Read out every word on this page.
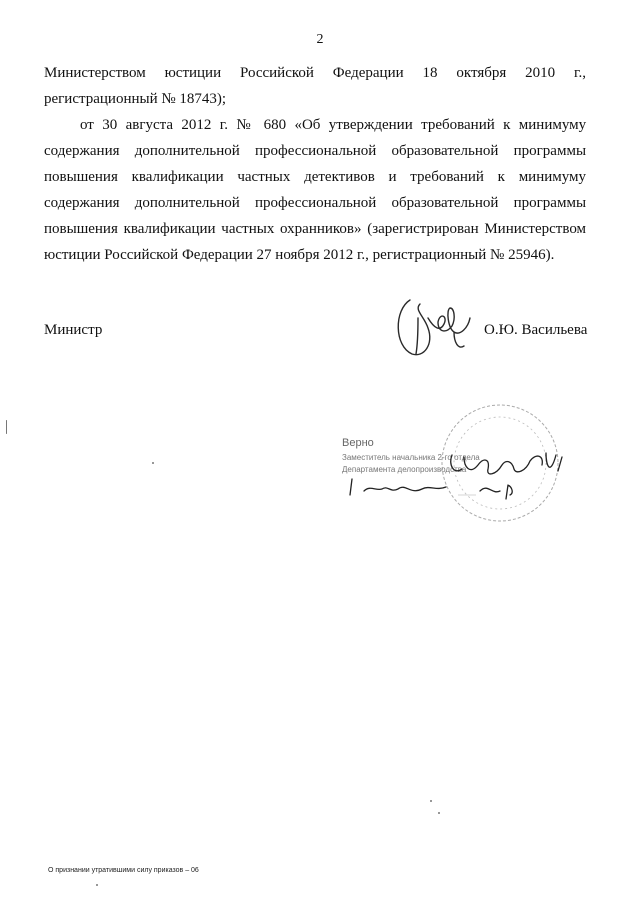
2
Министерством юстиции Российской Федерации 18 октября 2010 г.,
регистрационный № 18743);
от 30 августа 2012 г. № 680 «Об утверждении требований к минимуму
содержания дополнительной профессиональной образовательной программы
повышения квалификации частных детективов и требований к минимуму
содержания дополнительной профессиональной образовательной программы
повышения квалификации частных охранников» (зарегистрирован Министерством
юстиции Российской Федерации 27 ноября 2012 г., регистрационный № 25946).
Министр	О.Ю. Васильева
Верно
Заместитель начальника 2-го отдела
Департамента делопроизводства
О признании утратившими силу приказов – 06
